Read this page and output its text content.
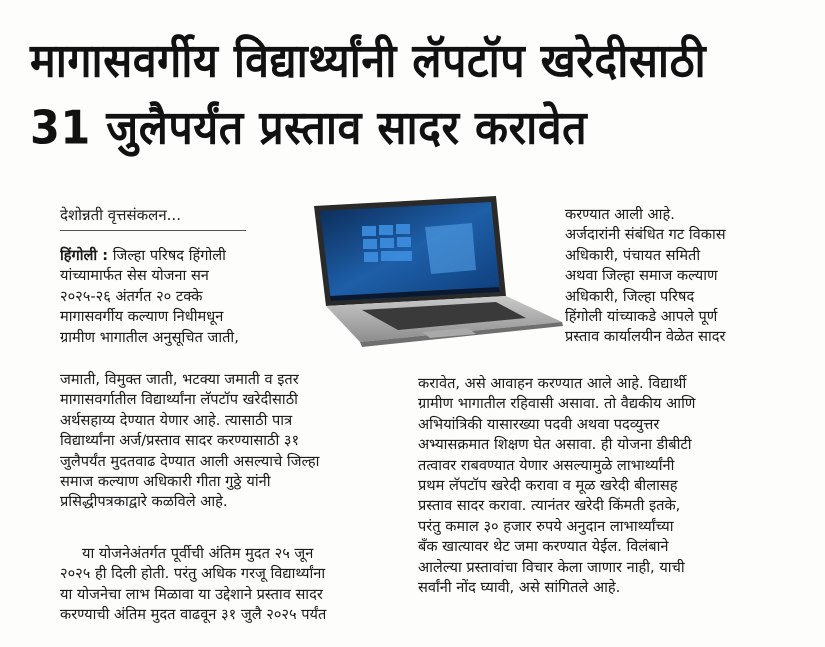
मागासवर्गीय विद्यार्थ्यांनी लॅपटॉप खरेदीसाठी
31 जुलैपर्यंत प्रस्ताव सादर करावेत
देशोन्नती वृत्तसंकलन...
हिंगोली : जिल्हा परिषद हिंगोली
यांच्यामार्फत सेस योजना सन
२०२५-२६ अंतर्गत २० टक्के
मागासवर्गीय कल्याण निधीमधून
ग्रामीण भागातील अनुसूचित जाती,
जमाती, विमुक्त जाती, भटक्या जमाती व इतर
मागासवर्गातील विद्यार्थ्यांना लॅपटॉप खरेदीसाठी
अर्थसहाय्य देण्यात येणार आहे. त्यासाठी पात्र
विद्यार्थ्यांना अर्ज/प्रस्ताव सादर करण्यासाठी ३१
जुलैपर्यंत मुदतवाढ देण्यात आली असल्याचे जिल्हा
समाज कल्याण अधिकारी गीता गुठ्ठे यांनी
प्रसिद्धीपत्रकाद्वारे कळविले आहे.
या योजनेअंतर्गत पूर्वीची अंतिम मुदत २५ जून
२०२५ ही दिली होती. परंतु अधिक गरजू विद्यार्थ्यांना
या योजनेचा लाभ मिळावा या उद्देशाने प्रस्ताव सादर
करण्याची अंतिम मुदत वाढवून ३१ जुलै २०२५ पर्यंत
करण्यात आली आहे.
अर्जदारांनी संबंधित गट विकास
अधिकारी, पंचायत समिती
अथवा जिल्हा समाज कल्याण
अधिकारी, जिल्हा परिषद
हिंगोली यांच्याकडे आपले पूर्ण
प्रस्ताव कार्यालयीन वेळेत सादर
करावेत, असे आवाहन करण्यात आले आहे. विद्यार्थी
ग्रामीण भागातील रहिवासी असावा. तो वैद्यकीय आणि
अभियांत्रिकी यासारख्या पदवी अथवा पदव्युत्तर
अभ्यासक्रमात शिक्षण घेत असावा. ही योजना डीबीटी
तत्वावर राबवण्यात येणार असल्यामुळे लाभार्थ्यांनी
प्रथम लॅपटॉप खरेदी करावा व मूळ खरेदी बीलासह
प्रस्ताव सादर करावा. त्यानंतर खरेदी किंमती इतके,
परंतु कमाल ३० हजार रुपये अनुदान लाभार्थ्यांच्या
बँक खात्यावर थेट जमा करण्यात येईल. विलंबाने
आलेल्या प्रस्तावांचा विचार केला जाणार नाही, याची
सर्वांनी नोंद घ्यावी, असे सांगितले आहे.
